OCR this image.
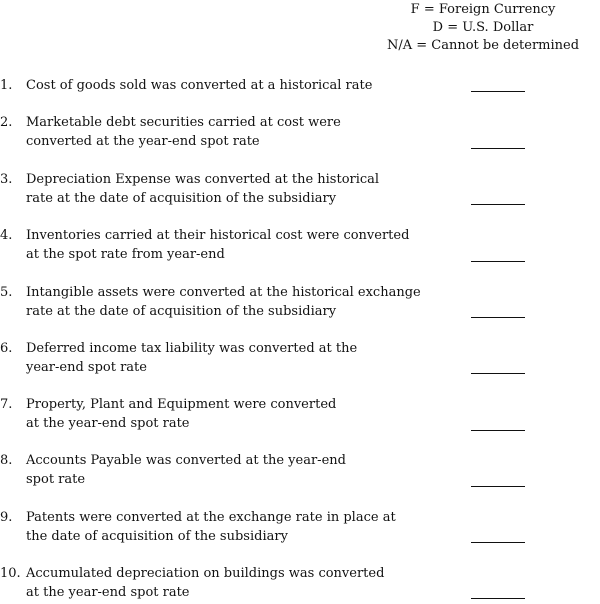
F = Foreign Currency
D = U.S. Dollar
N/A = Cannot be determined
1.	Cost of goods sold was converted at a historical rate
2.	Marketable debt securities carried at cost were
converted at the year-end spot rate
3.	Depreciation Expense was converted at the historical
rate at the date of acquisition of the subsidiary
4.	Inventories carried at their historical cost were converted
at the spot rate from year-end
5.	Intangible assets were converted at the historical exchange
rate at the date of acquisition of the subsidiary
6.	Deferred income tax liability was converted at the
year-end spot rate
7.	Property, Plant and Equipment were converted
at the year-end spot rate
8.	Accounts Payable was converted at the year-end
spot rate
9.	Patents were converted at the exchange rate in place at
the date of acquisition of the subsidiary
10. Accumulated depreciation on buildings was converted
at the year-end spot rate
